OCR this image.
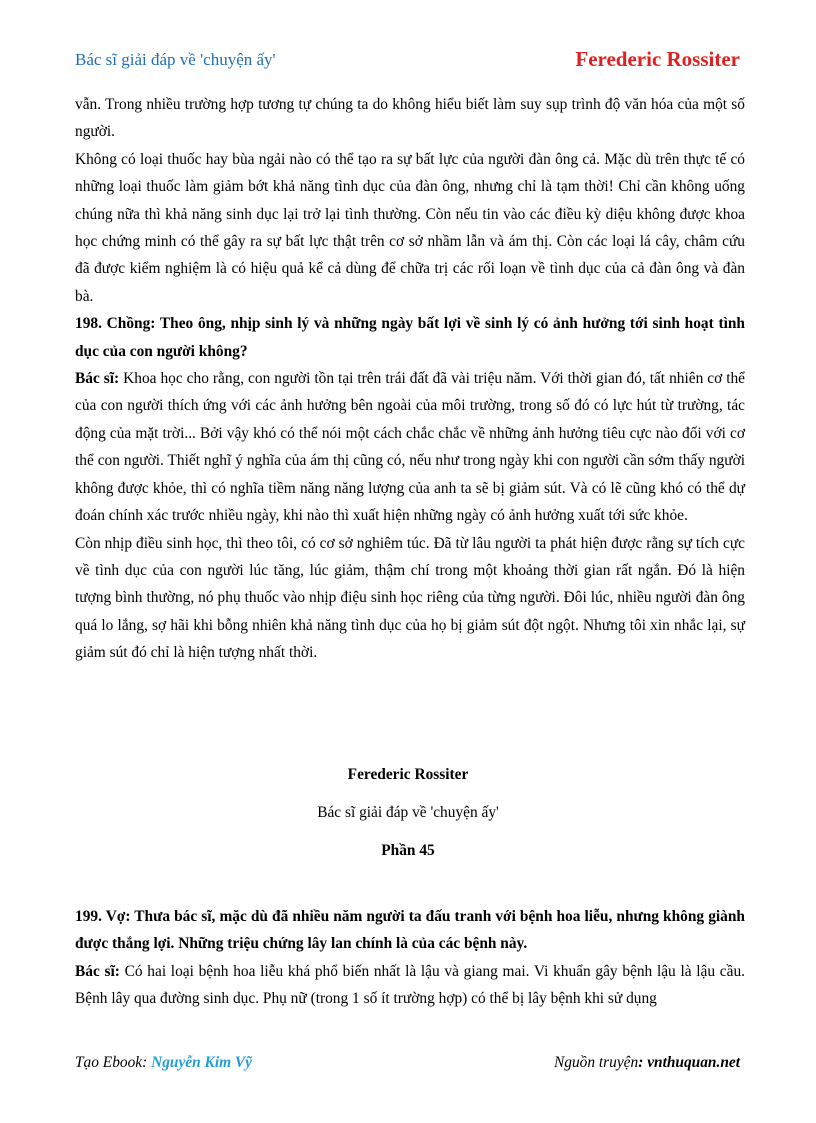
Bác sĩ giải đáp về 'chuyện ấy'	Ferederic Rossiter

vẫn. Trong nhiều trường hợp tương tự chúng ta do không hiểu biết làm suy sụp trình độ văn hóa của một số người.

Không có loại thuốc hay bùa ngải nào có thể tạo ra sự bất lực của người đàn ông cả. Mặc dù trên thực tế có những loại thuốc làm giảm bớt khả năng tình dục của đàn ông, nhưng chỉ là tạm thời! Chỉ cần không uống chúng nữa thì khả năng sinh dục lại trở lại tình thường. Còn nếu tin vào các điều kỳ diệu không được khoa học chứng minh có thể gây ra sự bất lực thật trên cơ sở nhầm lẫn và ám thị. Còn các loại lá cây, châm cứu đã được kiểm nghiệm là có hiệu quả kể cả dùng để chữa trị các rối loạn về tình dục của cả đàn ông và đàn bà.

198. Chồng: Theo ông, nhịp sinh lý và những ngày bất lợi về sinh lý có ảnh hưởng tới sinh hoạt tình dục của con người không?

Bác sĩ: Khoa học cho rằng, con người tồn tại trên trái đất đã vài triệu năm. Với thời gian đó, tất nhiên cơ thể của con người thích ứng với các ảnh hưởng bên ngoài của môi trường, trong số đó có lực hút từ trường, tác động của mặt trời... Bởi vậy khó có thể nói một cách chắc chắc về những ảnh hưởng tiêu cực nào đối với cơ thể con người. Thiết nghĩ ý nghĩa của ám thị cũng có, nếu như trong ngày khi con người cần sớm thấy người không được khỏe, thì có nghĩa tiềm năng năng lượng của anh ta sẽ bị giảm sút. Và có lẽ cũng khó có thể dự đoán chính xác trước nhiều ngày, khi nào thì xuất hiện những ngày có ảnh hưởng xuất tới sức khỏe.

Còn nhịp điều sinh học, thì theo tôi, có cơ sở nghiêm túc. Đã từ lâu người ta phát hiện được rằng sự tích cực về tình dục của con người lúc tăng, lúc giảm, thậm chí trong một khoảng thời gian rất ngắn. Đó là hiện tượng bình thường, nó phụ thuốc vào nhịp điệu sinh học riêng của từng người. Đôi lúc, nhiều người đàn ông quá lo lắng, sợ hãi khi bỗng nhiên khả năng tình dục của họ bị giảm sút đột ngột. Nhưng tôi xin nhắc lại, sự giảm sút đó chỉ là hiện tượng nhất thời.

Ferederic Rossiter
Bác sĩ giải đáp về 'chuyện ấy'
Phần 45

199. Vợ: Thưa bác sĩ, mặc dù đã nhiều năm người ta đấu tranh với bệnh hoa liễu, nhưng không giành được thắng lợi. Những triệu chứng lây lan chính là của các bệnh này.

Bác sĩ: Có hai loại bệnh hoa liễu khá phổ biến nhất là lậu và giang mai. Vi khuẩn gây bệnh lậu là lậu cầu. Bệnh lây qua đường sinh dục. Phụ nữ (trong 1 số ít trường hợp) có thể bị lây bệnh khi sử dụng

Tạo Ebook: Nguyễn Kim Vỹ	Nguồn truyện: vnthuquan.net
